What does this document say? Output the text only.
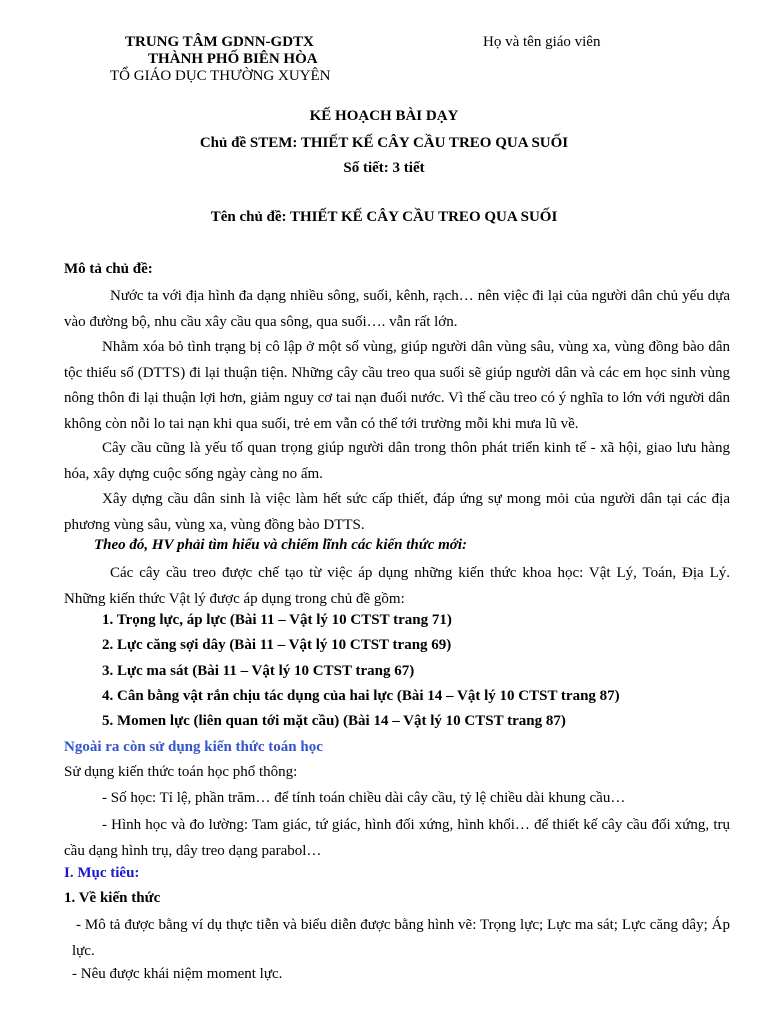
TRUNG TÂM GDNN-GDTX
THÀNH PHỐ BIÊN HÒA
TỔ GIÁO DỤC THƯỜNG XUYÊN
Họ và tên giáo viên
KẾ HOẠCH BÀI DẠY
Chủ đề STEM: THIẾT KẾ CÂY CẦU TREO QUA SUỐI
Số tiết: 3 tiết
Tên chủ đề: THIẾT KẾ CÂY CẦU TREO QUA SUỐI
Mô tả chủ đề:

Nước ta với địa hình đa dạng nhiều sông, suối, kênh, rạch… nên việc đi lại của người dân chủ yếu dựa vào đường bộ, nhu cầu xây cầu qua sông, qua suối…. vẫn rất lớn.

Nhằm xóa bỏ tình trạng bị cô lập ở một số vùng, giúp người dân vùng sâu, vùng xa, vùng đồng bào dân tộc thiểu số (DTTS) đi lại thuận tiện. Những cây cầu treo qua suối sẽ giúp người dân và các em học sinh vùng nông thôn đi lại thuận lợi hơn, giảm nguy cơ tai nạn đuối nước. Vì thế cầu treo có ý nghĩa to lớn với người dân không còn nỗi lo tai nạn khi qua suối, trẻ em vẫn có thể tới trường mỗi khi mưa lũ về.

Cây cầu cũng là yếu tố quan trọng giúp người dân trong thôn phát triển kinh tế - xã hội, giao lưu hàng hóa, xây dựng cuộc sống ngày càng no ấm.

Xây dựng cầu dân sinh là việc làm hết sức cấp thiết, đáp ứng sự mong mỏi của người dân tại các địa phương vùng sâu, vùng xa, vùng đồng bào DTTS.

Theo đó, HV phải tìm hiểu và chiếm lĩnh các kiến thức mới:

Các cây cầu treo được chế tạo từ việc áp dụng những kiến thức khoa học: Vật Lý, Toán, Địa Lý. Những kiến thức Vật lý được áp dụng trong chủ đề gồm:

1. Trọng lực, áp lực (Bài 11 – Vật lý 10 CTST trang 71)
2. Lực căng sợi dây (Bài 11 – Vật lý 10 CTST trang 69)
3. Lực ma sát (Bài 11 – Vật lý 10 CTST trang 67)
4. Cân bằng vật rắn chịu tác dụng của hai lực (Bài 14 – Vật lý 10 CTST trang 87)
5. Momen lực (liên quan tới mặt cầu) (Bài 14 – Vật lý 10 CTST trang 87)
Ngoài ra còn sử dụng kiến thức toán học
Sử dụng kiến thức toán học phổ thông:
- Số học: Tỉ lệ, phần trăm… để tính toán chiều dài cây cầu, tỷ lệ chiều dài khung cầu…

- Hình học và đo lường: Tam giác, tứ giác, hình đối xứng, hình khối… để thiết kế cây cầu đối xứng, trụ cầu dạng hình trụ, dây treo dạng parabol…

I. Mục tiêu:
1. Về kiến thức

- Mô tả được bằng ví dụ thực tiễn và biểu diễn được bằng hình vẽ: Trọng lực; Lực ma sát; Lực căng dây; Áp lực.

- Nêu được khái niệm moment lực.
